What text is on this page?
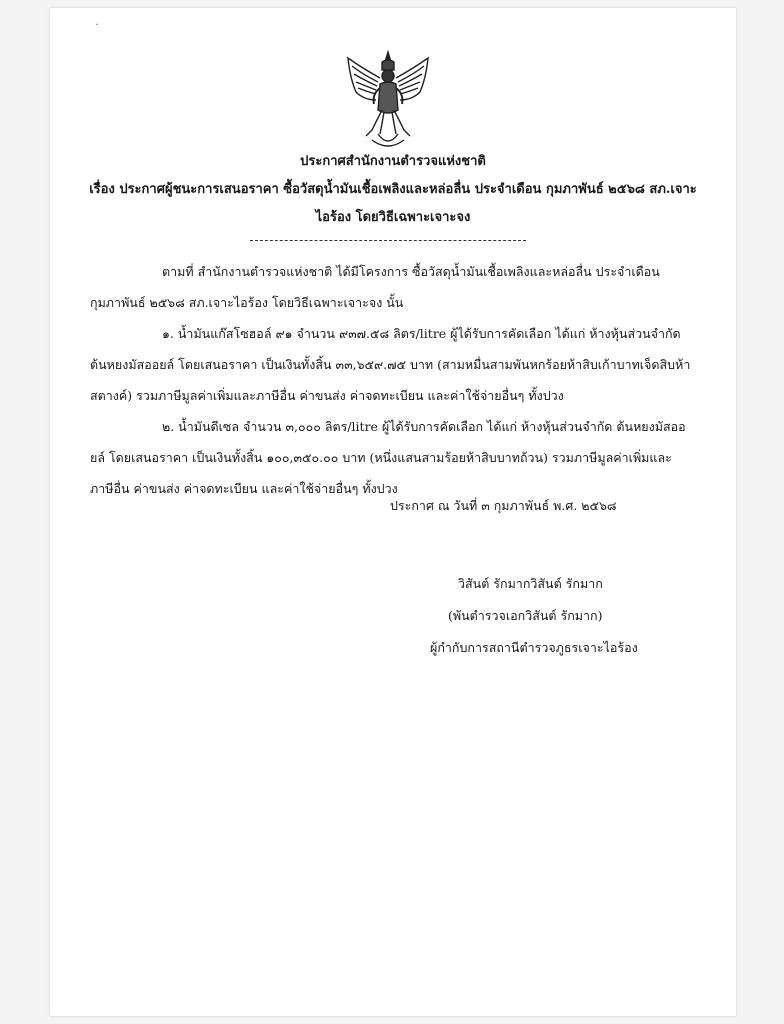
˙
ประกาศสำนักงานตำรวจแห่งชาติ
เรื่อง ประกาศผู้ชนะการเสนอราคา ซื้อวัสดุน้ำมันเชื้อเพลิงและหล่อลื่น ประจำเดือน กุมภาพันธ์ ๒๕๖๘ สภ.เจาะ
ไอร้อง โดยวิธีเฉพาะเจาะจง
ตามที่ สำนักงานตำรวจแห่งชาติ ได้มีโครงการ ซื้อวัสดุน้ำมันเชื้อเพลิงและหล่อลื่น ประจำเดือน
กุมภาพันธ์ ๒๕๖๘ สภ.เจาะไอร้อง โดยวิธีเฉพาะเจาะจง นั้น
๑. น้ำมันแก๊สโซฮอล์ ๙๑ จำนวน ๙๓๗.๕๘ ลิตร/litre ผู้ได้รับการคัดเลือก ได้แก่ ห้างหุ้นส่วนจำกัด
ต้นหยงมัสออยล์ โดยเสนอราคา เป็นเงินทั้งสิ้น ๓๓,๖๕๙.๗๕ บาท (สามหมื่นสามพันหกร้อยห้าสิบเก้าบาทเจ็ดสิบห้า
สตางค์) รวมภาษีมูลค่าเพิ่มและภาษีอื่น ค่าขนส่ง ค่าจดทะเบียน และค่าใช้จ่ายอื่นๆ ทั้งปวง
๒. น้ำมันดีเซล จำนวน ๓,๐๐๐ ลิตร/litre ผู้ได้รับการคัดเลือก ได้แก่ ห้างหุ้นส่วนจำกัด ต้นหยงมัสออ
ยล์ โดยเสนอราคา เป็นเงินทั้งสิ้น ๑๐๐,๓๕๐.๐๐ บาท (หนึ่งแสนสามร้อยห้าสิบบาทถ้วน) รวมภาษีมูลค่าเพิ่มและ
ภาษีอื่น ค่าขนส่ง ค่าจดทะเบียน และค่าใช้จ่ายอื่นๆ ทั้งปวง
ประกาศ ณ วันที่ ๓ กุมภาพันธ์ พ.ศ. ๒๕๖๘
วิสันต์ รักมากวิสันต์ รักมาก
(พันตำรวจเอกวิสันต์ รักมาก)
ผู้กำกับการสถานีตำรวจภูธรเจาะไอร้อง
